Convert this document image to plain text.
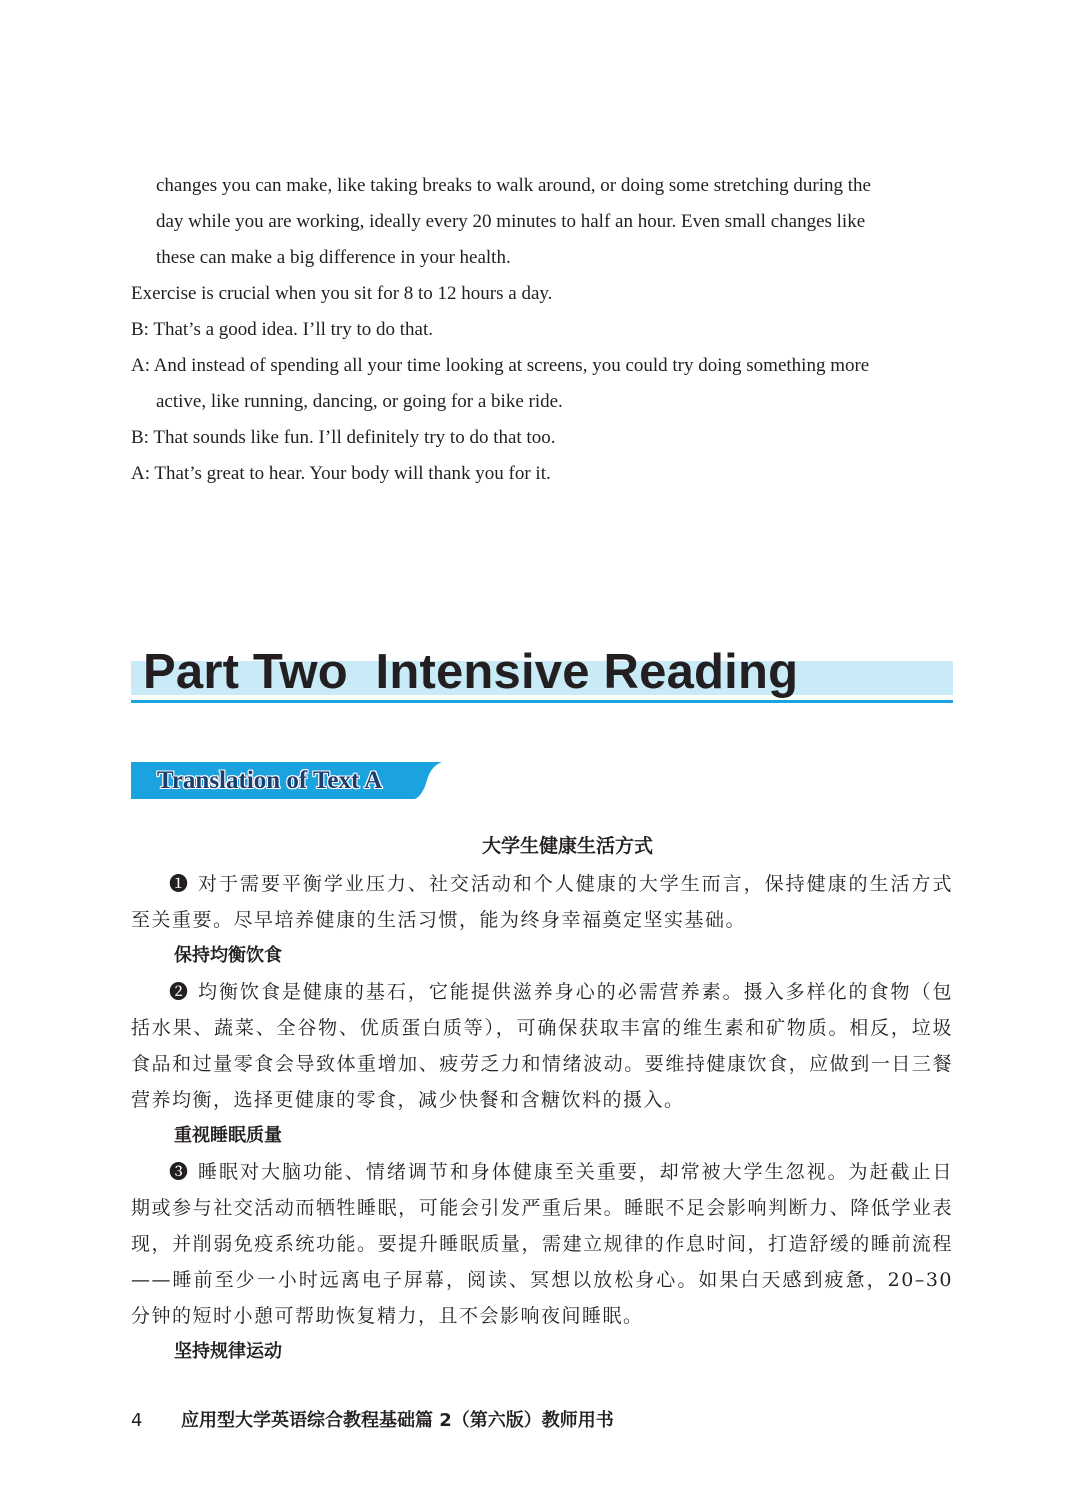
changes you can make, like taking breaks to walk around, or doing some stretching during the
day while you are working, ideally every 20 minutes to half an hour. Even small changes like
these can make a big difference in your health.
Exercise is crucial when you sit for 8 to 12 hours a day.
B: That’s a good idea. I’ll try to do that.
A: And instead of spending all your time looking at screens, you could try doing something more
active, like running, dancing, or going for a bike ride.
B: That sounds like fun. I’ll definitely try to do that too.
A: That’s great to hear. Your body will thank you for it.
Part Two  Intensive Reading
Translation of Text A
大学生健康生活方式

❶ 对于需要平衡学业压力、社交活动和个人健康的大学生而言，保持健康的生活方式至关重要。尽早培养健康的生活习惯，能为终身幸福奠定坚实基础。

保持均衡饮食

❷ 均衡饮食是健康的基石，它能提供滋养身心的必需营养素。摄入多样化的食物（包括水果、蔬菜、全谷物、优质蛋白质等），可确保获取丰富的维生素和矿物质。相反，垃圾食品和过量零食会导致体重增加、疲劳乏力和情绪波动。要维持健康饮食，应做到一日三餐营养均衡，选择更健康的零食，减少快餐和含糖饮料的摄入。

重视睡眠质量

❸ 睡眠对大脑功能、情绪调节和身体健康至关重要，却常被大学生忽视。为赶截止日期或参与社交活动而牺牲睡眠，可能会引发严重后果。睡眠不足会影响判断力、降低学业表现，并削弱免疫系统功能。要提升睡眠质量，需建立规律的作息时间，打造舒缓的睡前流程——睡前至少一小时远离电子屏幕，阅读、冥想以放松身心。如果白天感到疲惫，20–30分钟的短时小憩可帮助恢复精力，且不会影响夜间睡眠。

坚持规律运动
4 应用型大学英语综合教程基础篇 2（第六版）教师用书
